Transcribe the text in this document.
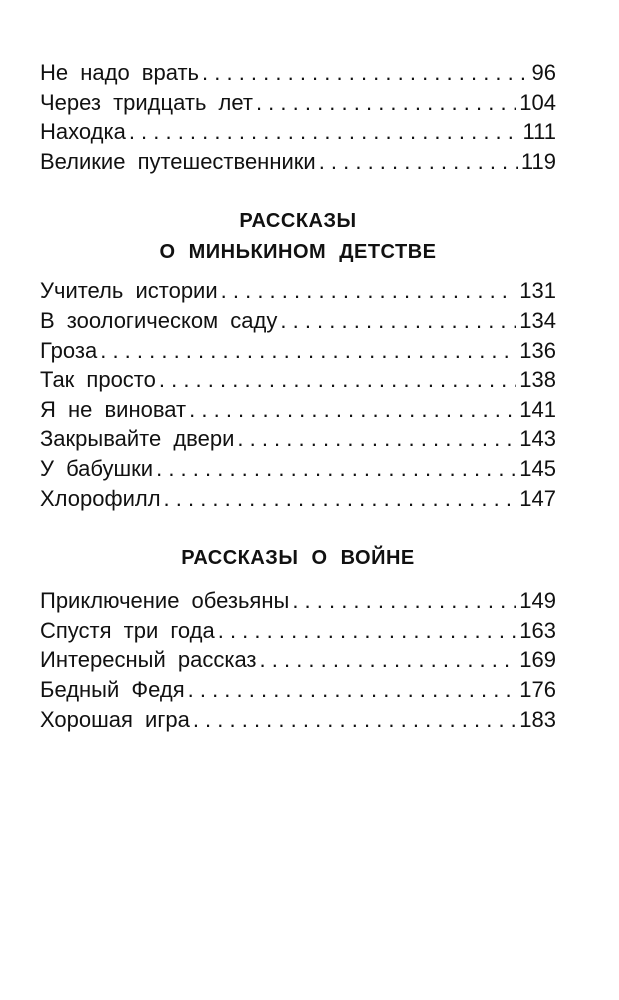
Не надо врать . . .	96
Через тридцать лет . . .	104
Находка . . .	111
Великие путешественники . . .	119

РАССКАЗЫ

О МИНЬКИНОМ ДЕТСТВЕ

Учитель истории . . .	131
В зоологическом саду . . .	134
Гроза . . .	136
Так просто . . .	138
Я не виноват . . .	141
Закрывайте двери . . .	143
У бабушки . . .	145
Хлорофилл . . .	147

РАССКАЗЫ О ВОЙНЕ

Приключение обезьяны . . .	149
Спустя три года . . .	163
Интересный рассказ . . .	169
Бедный Федя . . .	176
Хорошая игра . . .	183
